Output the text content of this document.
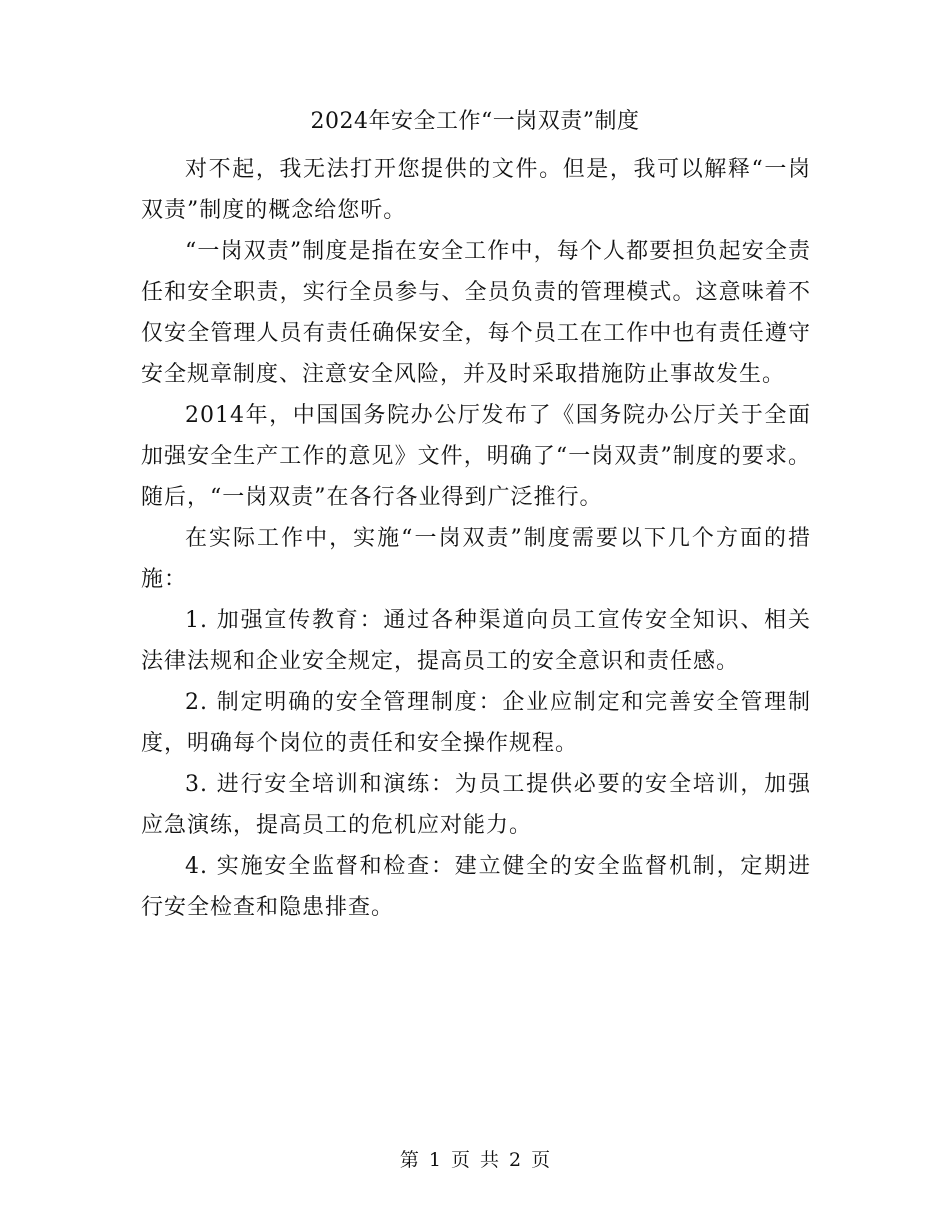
2024年安全工作“一岗双责”制度

对不起，我无法打开您提供的文件。但是，我可以解释“一岗双责”制度的概念给您听。

“一岗双责”制度是指在安全工作中，每个人都要担负起安全责任和安全职责，实行全员参与、全员负责的管理模式。这意味着不仅安全管理人员有责任确保安全，每个员工在工作中也有责任遵守安全规章制度、注意安全风险，并及时采取措施防止事故发生。

2014年，中国国务院办公厅发布了《国务院办公厅关于全面加强安全生产工作的意见》文件，明确了“一岗双责”制度的要求。随后，“一岗双责”在各行各业得到广泛推行。

在实际工作中，实施“一岗双责”制度需要以下几个方面的措施：

1. 加强宣传教育：通过各种渠道向员工宣传安全知识、相关法律法规和企业安全规定，提高员工的安全意识和责任感。

2. 制定明确的安全管理制度：企业应制定和完善安全管理制度，明确每个岗位的责任和安全操作规程。

3. 进行安全培训和演练：为员工提供必要的安全培训，加强应急演练，提高员工的危机应对能力。

4. 实施安全监督和检查：建立健全的安全监督机制，定期进行安全检查和隐患排查。

第 1 页 共 2 页
